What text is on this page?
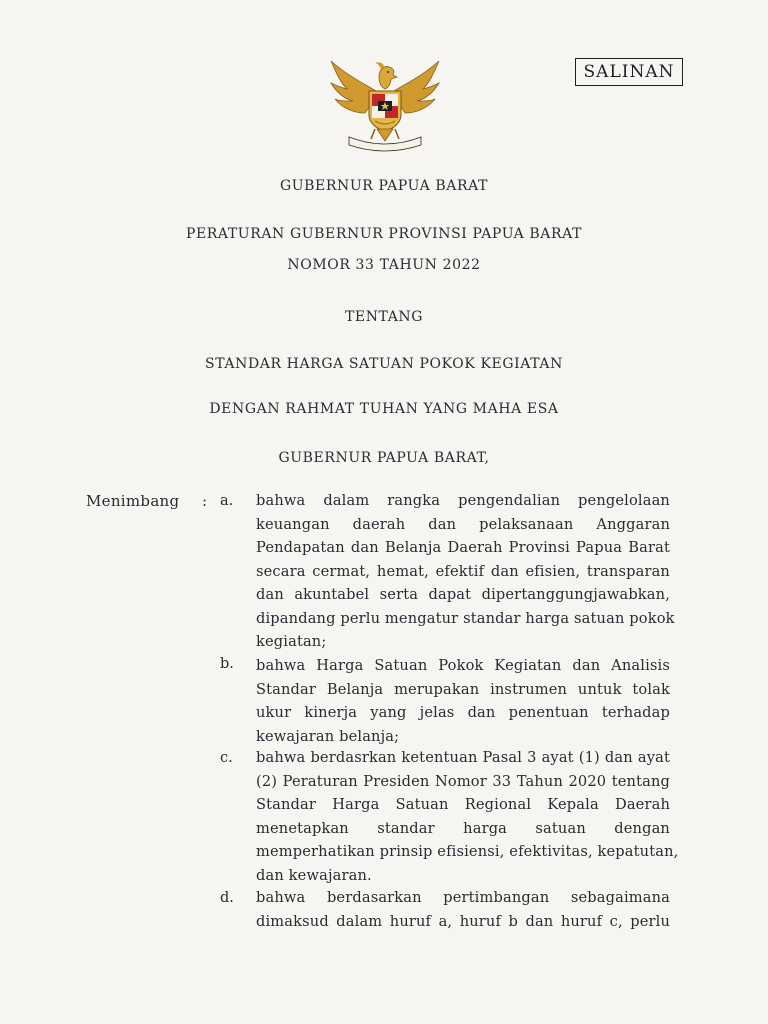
SALINAN
GUBERNUR PAPUA BARAT
PERATURAN GUBERNUR PROVINSI PAPUA BARAT
NOMOR 33 TAHUN 2022
TENTANG
STANDAR HARGA SATUAN POKOK KEGIATAN
DENGAN RAHMAT TUHAN YANG MAHA ESA
GUBERNUR PAPUA BARAT,
Menimbang : a. bahwa dalam rangka pengendalian pengelolaan
keuangan daerah dan pelaksanaan Anggaran
Pendapatan dan Belanja Daerah Provinsi Papua Barat
secara cermat, hemat, efektif dan efisien, transparan
dan akuntabel serta dapat dipertanggungjawabkan,
dipandang perlu mengatur standar harga satuan pokok
kegiatan;
b. bahwa Harga Satuan Pokok Kegiatan dan Analisis
Standar Belanja merupakan instrumen untuk tolak
ukur kinerja yang jelas dan penentuan terhadap
kewajaran belanja;
c. bahwa berdasrkan ketentuan Pasal 3 ayat (1) dan ayat
(2) Peraturan Presiden Nomor 33 Tahun 2020 tentang
Standar Harga Satuan Regional Kepala Daerah
menetapkan standar harga satuan dengan
memperhatikan prinsip efisiensi, efektivitas, kepatutan,
dan kewajaran.
d. bahwa berdasarkan pertimbangan sebagaimana
dimaksud dalam huruf a, huruf b dan huruf c, perlu
